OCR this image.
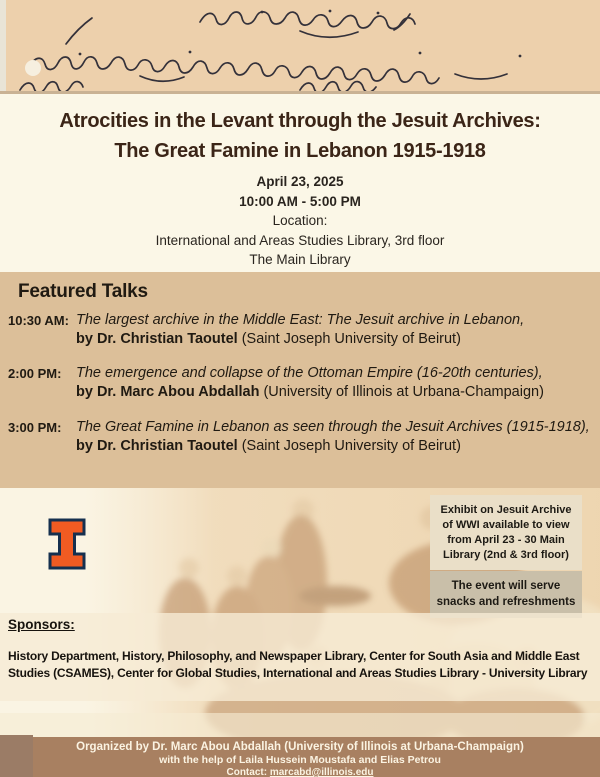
Atrocities in the Levant through the Jesuit Archives:
The Great Famine in Lebanon 1915-1918
April 23, 2025
10:00 AM - 5:00 PM
Location:
International and Areas Studies Library, 3rd floor
The Main Library
Featured Talks
10:30 AM: The largest archive in the Middle East: The Jesuit archive in Lebanon,
by Dr. Christian Taoutel (Saint Joseph University of Beirut)
2:00 PM:	The emergence and collapse of the Ottoman Empire (16-20th centuries),
by Dr. Marc Abou Abdallah (University of Illinois at Urbana-Champaign)
3:00 PM:	The Great Famine in Lebanon as seen through the Jesuit Archives (1915-1918),
by Dr. Christian Taoutel (Saint Joseph University of Beirut)
Exhibit on Jesuit Archive of WWI available to view from April 23 - 30 Main Library (2nd & 3rd floor)
The event will serve snacks and refreshments
Sponsors:
History Department, History, Philosophy, and Newspaper Library, Center for South Asia and Middle East Studies (CSAMES), Center for Global Studies, International and Areas Studies Library - University Library
Organized by Dr. Marc Abou Abdallah (University of Illinois at Urbana-Champaign)
with the help of Laila Hussein Moustafa and Elias Petrou
Contact: marcabd@illinois.edu
